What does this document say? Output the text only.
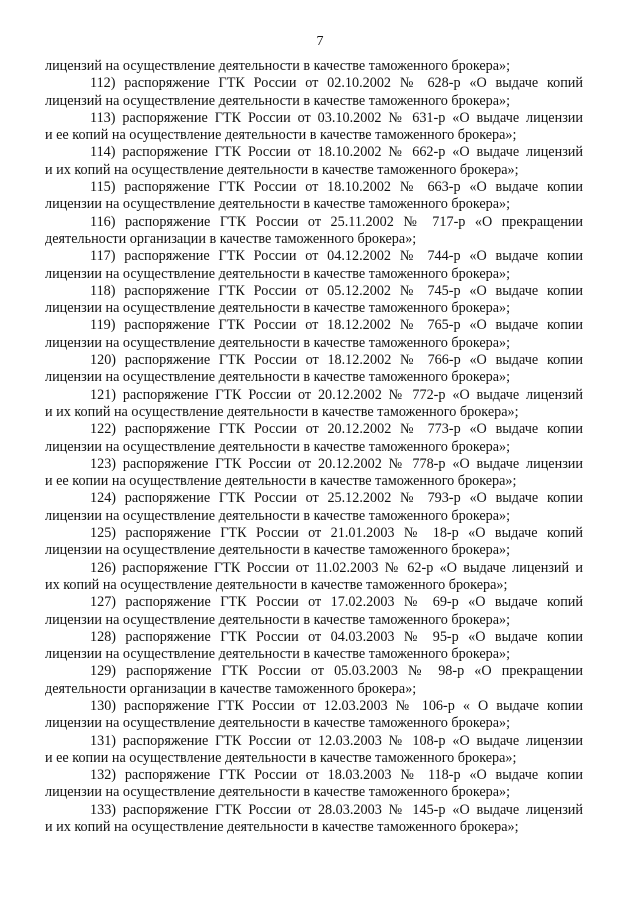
7
лицензий на осуществление деятельности в качестве таможенного брокера»;
112) распоряжение ГТК России от 02.10.2002 № 628-р «О выдаче копий
лицензий на осуществление деятельности в качестве таможенного брокера»;
113) распоряжение ГТК России от 03.10.2002 № 631-р «О выдаче лицензии
и ее копий на осуществление деятельности в качестве таможенного брокера»;
114) распоряжение ГТК России от 18.10.2002 № 662-р «О выдаче лицензий
и их копий на осуществление деятельности в качестве таможенного брокера»;
115) распоряжение ГТК России от 18.10.2002 № 663-р «О выдаче копии
лицензии на осуществление деятельности в качестве таможенного брокера»;
116) распоряжение ГТК России от 25.11.2002 № 717-р «О прекращении
деятельности организации в качестве таможенного брокера»;
117) распоряжение ГТК России от 04.12.2002 № 744-р «О выдаче копии
лицензии на осуществление деятельности в качестве таможенного брокера»;
118) распоряжение ГТК России от 05.12.2002 № 745-р «О выдаче копии
лицензии на осуществление деятельности в качестве таможенного брокера»;
119) распоряжение ГТК России от 18.12.2002 № 765-р «О выдаче копии
лицензии на осуществление деятельности в качестве таможенного брокера»;
120) распоряжение ГТК России от 18.12.2002 № 766-р «О выдаче копии
лицензии на осуществление деятельности в качестве таможенного брокера»;
121) распоряжение ГТК России от 20.12.2002 № 772-р «О выдаче лицензий
и их копий на осуществление деятельности в качестве таможенного брокера»;
122) распоряжение ГТК России от 20.12.2002 № 773-р «О выдаче копии
лицензии на осуществление деятельности в качестве таможенного брокера»;
123) распоряжение ГТК России от 20.12.2002 № 778-р «О выдаче лицензии
и ее копии на осуществление деятельности в качестве таможенного брокера»;
124) распоряжение ГТК России от 25.12.2002 № 793-р «О выдаче копии
лицензии на осуществление деятельности в качестве таможенного брокера»;
125) распоряжение ГТК России от 21.01.2003 № 18-р «О выдаче копий
лицензии на осуществление деятельности в качестве таможенного брокера»;
126) распоряжение ГТК России от 11.02.2003 № 62-р «О выдаче лицензий и
их копий на осуществление деятельности в качестве таможенного брокера»;
127) распоряжение ГТК России от 17.02.2003 № 69-р «О выдаче копий
лицензии на осуществление деятельности в качестве таможенного брокера»;
128) распоряжение ГТК России от 04.03.2003 № 95-р «О выдаче копии
лицензии на осуществление деятельности в качестве таможенного брокера»;
129) распоряжение ГТК России от 05.03.2003 № 98-р «О прекращении
деятельности организации в качестве таможенного брокера»;
130) распоряжение ГТК России от 12.03.2003 № 106-р « О выдаче копии
лицензии на осуществление деятельности в качестве таможенного брокера»;
131) распоряжение ГТК России от 12.03.2003 № 108-р «О выдаче лицензии
и ее копии на осуществление деятельности в качестве таможенного брокера»;
132) распоряжение ГТК России от 18.03.2003 № 118-р «О выдаче копии
лицензии на осуществление деятельности в качестве таможенного брокера»;
133) распоряжение ГТК России от 28.03.2003 № 145-р «О выдаче лицензий
и их копий на осуществление деятельности в качестве таможенного брокера»;
